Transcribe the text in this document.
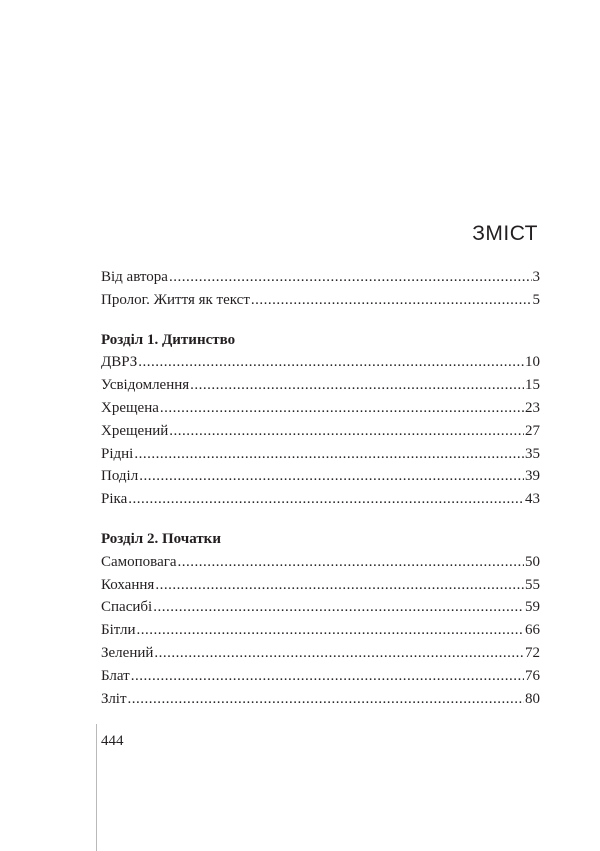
ЗМІСТ
Від автора .....	3
Пролог. Життя як текст .....	5
Розділ 1. Дитинство
ДВРЗ .....	10
Усвідомлення .....	15
Хрещена .....	23
Хрещений .....	27
Рідні .....	35
Поділ .....	39
Ріка .....	43
Розділ 2. Початки
Самоповага .....	50
Кохання .....	55
Спасибі .....	59
Бітли .....	66
Зелений .....	72
Блат .....	76
Зліт .....	80
444
